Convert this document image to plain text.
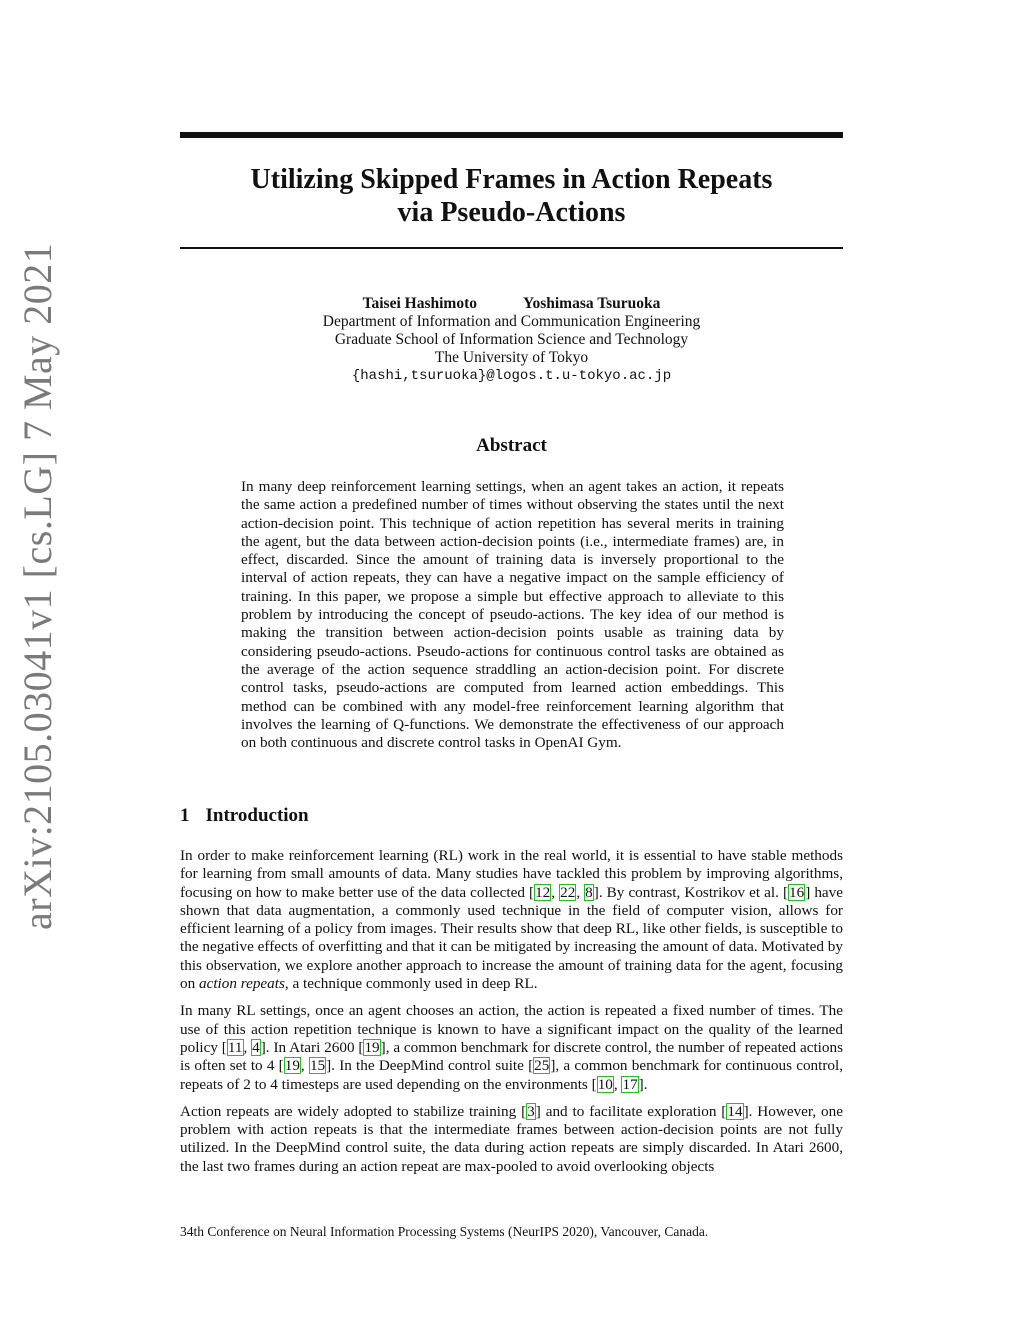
arXiv:2105.03041v1 [cs.LG] 7 May 2021
Utilizing Skipped Frames in Action Repeats
via Pseudo-Actions
Taisei Hashimoto	Yoshimasa Tsuruoka
Department of Information and Communication Engineering
Graduate School of Information Science and Technology
The University of Tokyo
{hashi,tsuruoka}@logos.t.u-tokyo.ac.jp
Abstract
In many deep reinforcement learning settings, when an agent takes an action, it repeats the same action a predefined number of times without observing the states until the next action-decision point. This technique of action repetition has several merits in training the agent, but the data between action-decision points (i.e., intermediate frames) are, in effect, discarded. Since the amount of training data is inversely proportional to the interval of action repeats, they can have a negative impact on the sample efficiency of training. In this paper, we propose a simple but effective approach to alleviate to this problem by introducing the concept of pseudo-actions. The key idea of our method is making the transition between action-decision points usable as training data by considering pseudo-actions. Pseudo-actions for continuous control tasks are obtained as the average of the action sequence straddling an action-decision point. For discrete control tasks, pseudo-actions are computed from learned action embeddings. This method can be combined with any model-free reinforcement learning algorithm that involves the learning of Q-functions. We demonstrate the effectiveness of our approach on both continuous and discrete control tasks in OpenAI Gym.
1 Introduction

In order to make reinforcement learning (RL) work in the real world, it is essential to have stable methods for learning from small amounts of data. Many studies have tackled this problem by improving algorithms, focusing on how to make better use of the data collected [12, 22, 8]. By contrast, Kostrikov et al. [16] have shown that data augmentation, a commonly used technique in the field of computer vision, allows for efficient learning of a policy from images. Their results show that deep RL, like other fields, is susceptible to the negative effects of overfitting and that it can be mitigated by increasing the amount of data. Motivated by this observation, we explore another approach to increase the amount of training data for the agent, focusing on action repeats, a technique commonly used in deep RL.

In many RL settings, once an agent chooses an action, the action is repeated a fixed number of times. The use of this action repetition technique is known to have a significant impact on the quality of the learned policy [11, 4]. In Atari 2600 [19], a common benchmark for discrete control, the number of repeated actions is often set to 4 [19, 15]. In the DeepMind control suite [25], a common benchmark for continuous control, repeats of 2 to 4 timesteps are used depending on the environments [10, 17].

Action repeats are widely adopted to stabilize training [3] and to facilitate exploration [14]. However, one problem with action repeats is that the intermediate frames between action-decision points are not fully utilized. In the DeepMind control suite, the data during action repeats are simply discarded. In Atari 2600, the last two frames during an action repeat are max-pooled to avoid overlooking objects

34th Conference on Neural Information Processing Systems (NeurIPS 2020), Vancouver, Canada.
